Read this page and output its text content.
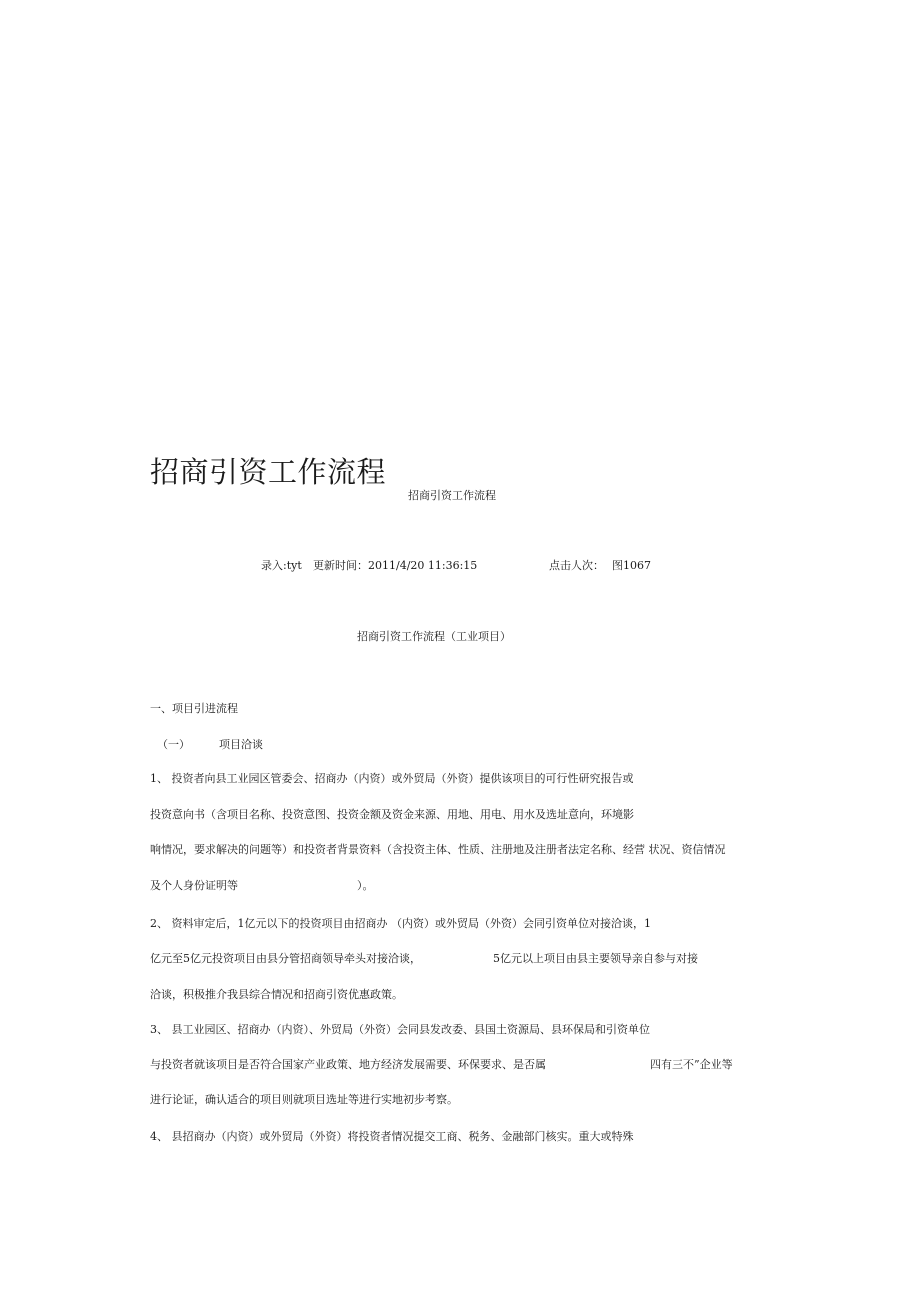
招商引资工作流程
招商引资工作流程
录入:tyt 更新时间：2011/4/20 11:36:15	点击人次： 图1067
招商引资工作流程（工业项目）
一、项目引进流程
（一）	项目洽谈
1、 投资者向县工业园区管委会、招商办（内资）或外贸局（外资）提供该项目的可行性研究报告或
投资意向书（含项目名称、投资意图、投资金额及资金来源、用地、用电、用水及选址意向，环境影
响情况，要求解决的问题等）和投资者背景资料（含投资主体、性质、注册地及注册者法定名称、经营 状况、资信情况
及个人身份证明等	）。
2、 资料审定后，1亿元以下的投资项目由招商办 （内资）或外贸局（外资）会同引资单位对接洽谈，1
亿元至5亿元投资项目由县分管招商领导牵头对接洽谈，	5亿元以上项目由县主要领导亲自参与对接
洽谈，积极推介我县综合情况和招商引资优惠政策。
3、 县工业园区、招商办（内资）、外贸局（外资）会同县发改委、县国土资源局、县环保局和引资单位
与投资者就该项目是否符合国家产业政策、地方经济发展需要、环保要求、是否属	四有三不”企业等
进行论证，确认适合的项目则就项目选址等进行实地初步考察。
4、 县招商办（内资）或外贸局（外资）将投资者情况提交工商、税务、金融部门核实。重大或特殊
